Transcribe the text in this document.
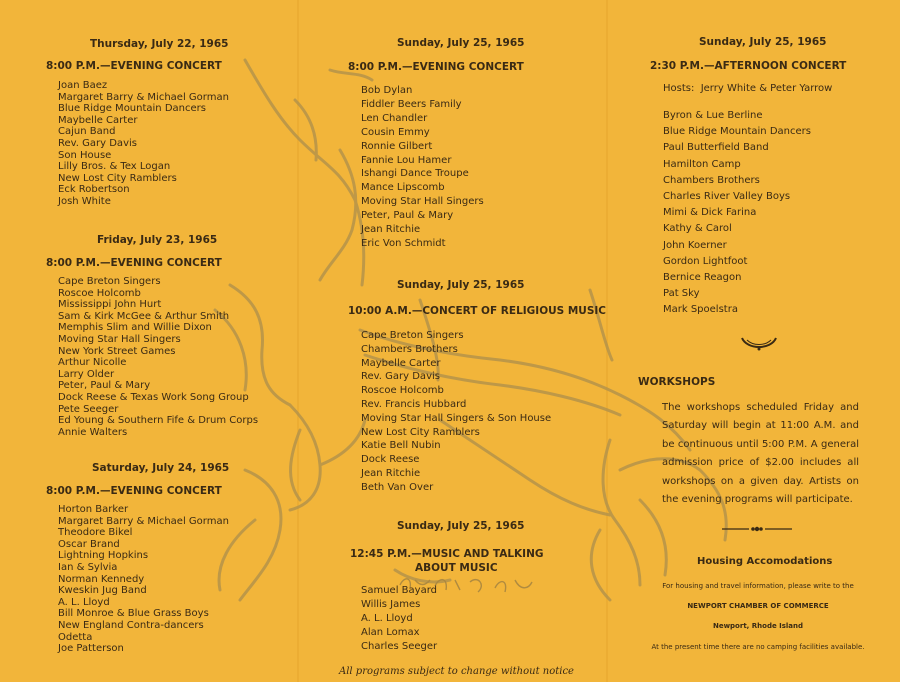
Thursday, July 22, 1965
8:00 P.M.—EVENING CONCERT
Joan Baez
Margaret Barry & Michael Gorman
Blue Ridge Mountain Dancers
Maybelle Carter
Cajun Band
Rev. Gary Davis
Son House
Lilly Bros. & Tex Logan
New Lost City Ramblers
Eck Robertson
Josh White
Friday, July 23, 1965
8:00 P.M.—EVENING CONCERT
Cape Breton Singers
Roscoe Holcomb
Mississippi John Hurt
Sam & Kirk McGee & Arthur Smith
Memphis Slim and Willie Dixon
Moving Star Hall Singers
New York Street Games
Arthur Nicolle
Larry Older
Peter, Paul & Mary
Dock Reese & Texas Work Song Group
Pete Seeger
Ed Young & Southern Fife & Drum Corps
Annie Walters
Saturday, July 24, 1965
8:00 P.M.—EVENING CONCERT
Horton Barker
Margaret Barry & Michael Gorman
Theodore Bikel
Oscar Brand
Lightning Hopkins
Ian & Sylvia
Norman Kennedy
Kweskin Jug Band
A. L. Lloyd
Bill Monroe & Blue Grass Boys
New England Contra-dancers
Odetta
Joe Patterson
Sunday, July 25, 1965
8:00 P.M.—EVENING CONCERT
Bob Dylan
Fiddler Beers Family
Len Chandler
Cousin Emmy
Ronnie Gilbert
Fannie Lou Hamer
Ishangi Dance Troupe
Mance Lipscomb
Moving Star Hall Singers
Peter, Paul & Mary
Jean Ritchie
Eric Von Schmidt
Sunday, July 25, 1965
10:00 A.M.—CONCERT OF RELIGIOUS MUSIC
Cape Breton Singers
Chambers Brothers
Maybelle Carter
Rev. Gary Davis
Roscoe Holcomb
Rev. Francis Hubbard
Moving Star Hall Singers & Son House
New Lost City Ramblers
Katie Bell Nubin
Dock Reese
Jean Ritchie
Beth Van Over
Sunday, July 25, 1965
12:45 P.M.—MUSIC AND TALKING
ABOUT MUSIC
Samuel Bayard
Willis James
A. L. Lloyd
Alan Lomax
Charles Seeger
All programs subject to change without notice
Sunday, July 25, 1965
2:30 P.M.—AFTERNOON CONCERT
Hosts:  Jerry White & Peter Yarrow
Byron & Lue Berline
Blue Ridge Mountain Dancers
Paul Butterfield Band
Hamilton Camp
Chambers Brothers
Charles River Valley Boys
Mimi & Dick Farina
Kathy & Carol
John Koerner
Gordon Lightfoot
Bernice Reagon
Pat Sky
Mark Spoelstra
WORKSHOPS
The workshops scheduled Friday and Saturday will begin at 11:00 A.M. and be continuous until 5:00 P.M. A general admission price of $2.00 includes all workshops on a given day. Artists on the evening programs will participate.
Housing Accomodations
For housing and travel information, please write to the
NEWPORT CHAMBER OF COMMERCE
Newport, Rhode Island
At the present time there are no camping facilities available.
